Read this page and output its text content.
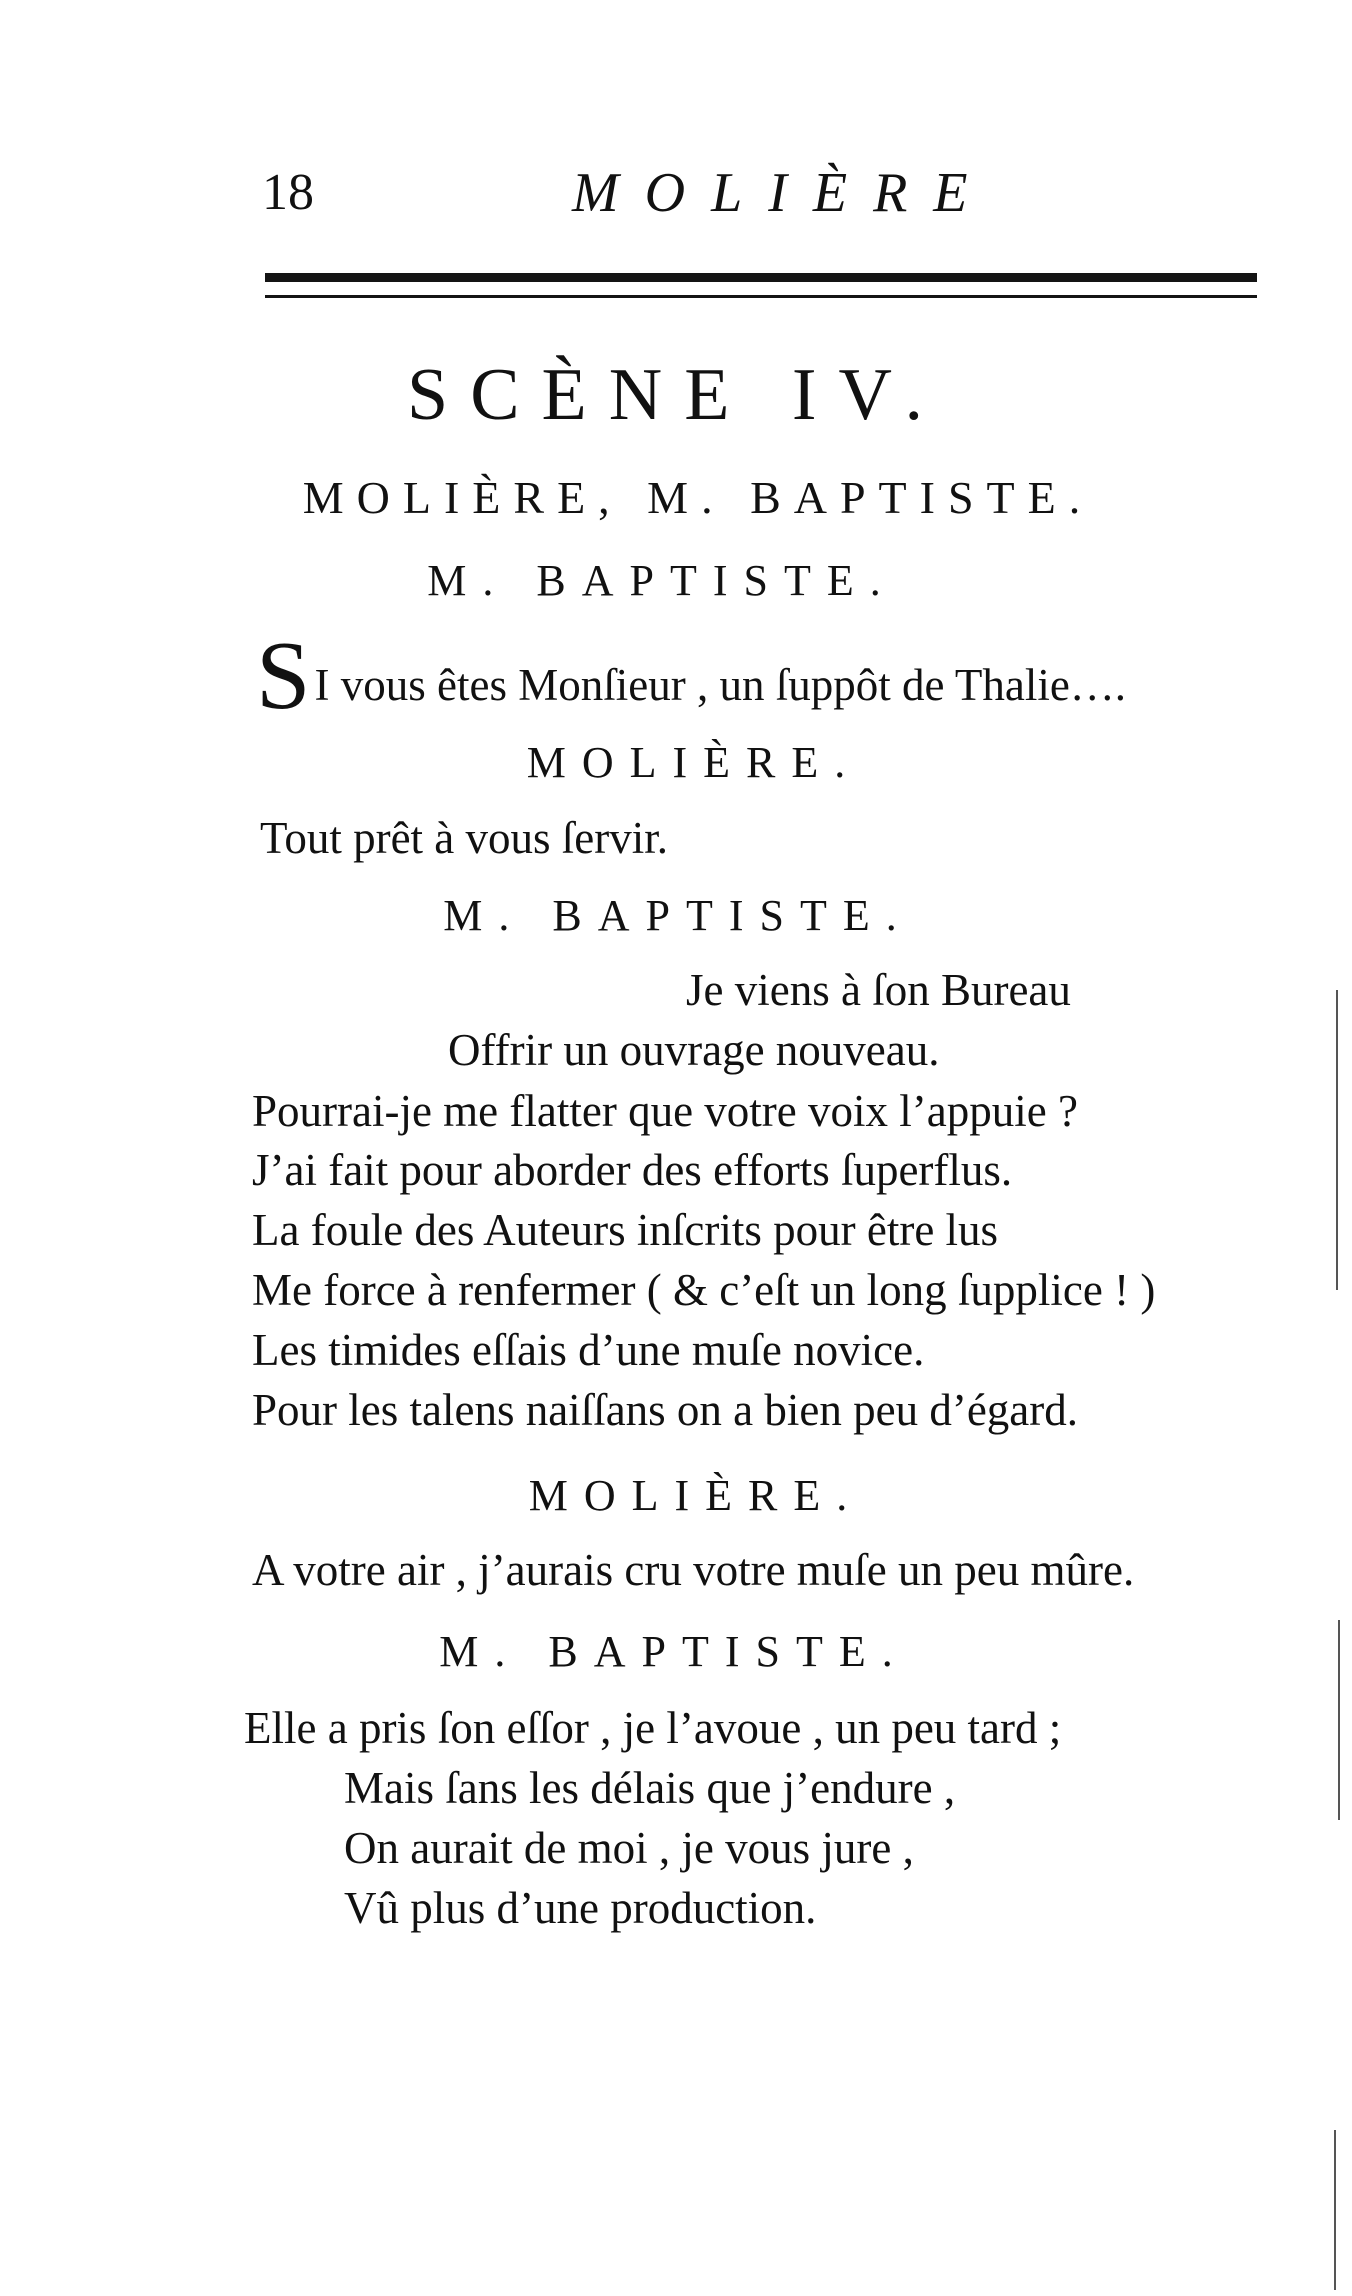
18	MOLIÈRE
SCÈNE IV.
MOLIÈRE, M. BAPTISTE.
M. BAPTISTE.
SI vous êtes Monſieur , un ſuppôt de Thalie….
MOLIÈRE.
Tout prêt à vous ſervir.
M. BAPTISTE.
Je viens à ſon Bureau
Offrir un ouvrage nouveau.
Pourrai-je me flatter que votre voix l’appuie ?
J’ai fait pour aborder des efforts ſuperflus.
La foule des Auteurs inſcrits pour être lus
Me force à renfermer ( & c’eſt un long ſupplice ! )
Les timides eſſais d’une muſe novice.
Pour les talens naiſſans on a bien peu d’égard.
MOLIÈRE.
A votre air , j’aurais cru votre muſe un peu mûre.
M. BAPTISTE.
Elle a pris ſon eſſor , je l’avoue , un peu tard ;
Mais ſans les délais que j’endure ,
On aurait de moi , je vous jure ,
Vû plus d’une production.
